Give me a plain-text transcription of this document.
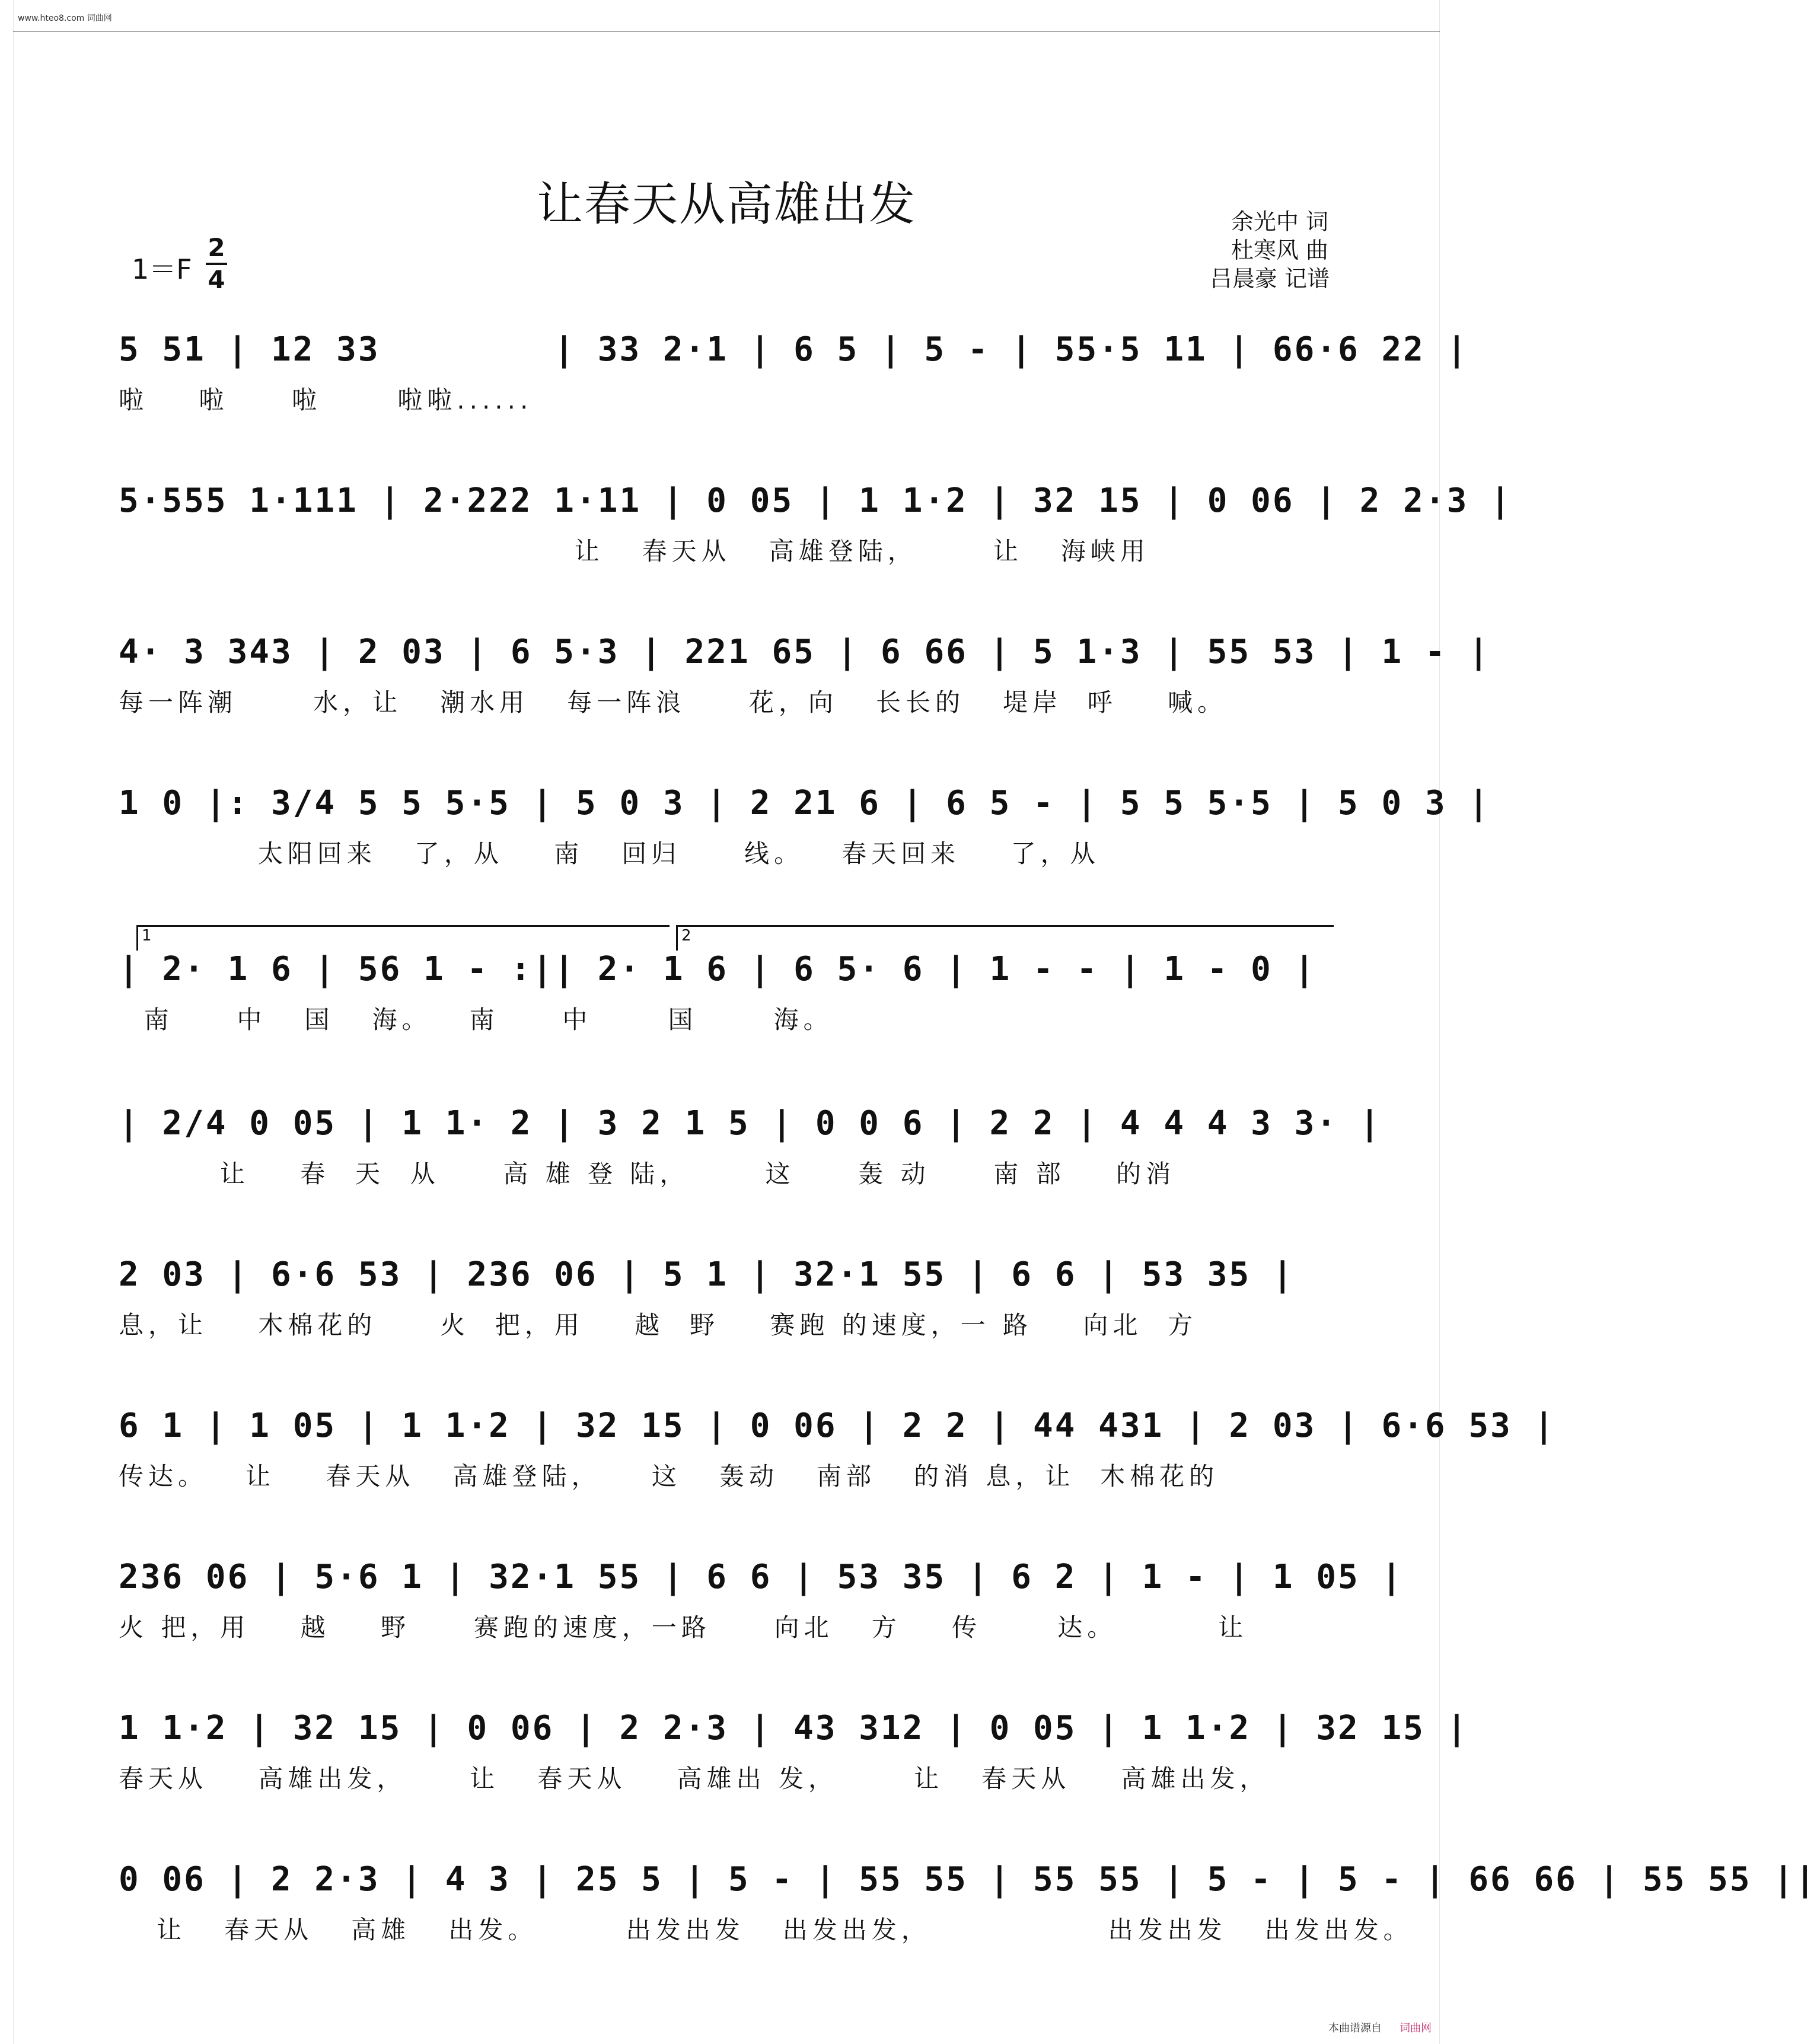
www.hteo8.com 词曲网
让春天从高雄出发
1＝F
2
4
余光中 词
杜寒风 曲
吕晨豪 记谱
5 51 | 12 33        | 33 2·1 | 6 5 | 5 - | 55·5 11 | 66·6 22 |
啦    啦     啦      啦啦......
5·555 1·111 | 2·222 1·11 | 0 05 | 1 1·2 | 32 15 | 0 06 | 2 2·3 |
让   春天从   高雄登陆，      让   海峡用
4· 3 343 | 2 03 | 6 5·3 | 221 65 | 6 66 | 5 1·3 | 55 53 | 1 - |
每一阵潮      水，让   潮水用   每一阵浪     花，向   长长的   堤岸  呼    喊。
1 0 |: 3/4 5 5 5·5 | 5 0 3 | 2 21 6 | 6 5 - | 5 5 5·5 | 5 0 3 |
太阳回来   了，从    南   回归     线。   春天回来    了，从
1	2
| 2· 1 6 | 56 1 - :|| 2· 1 6 | 6 5· 6 | 1 - - | 1 - 0 |
南     中   国   海。   南     中      国      海。
| 2/4 0 05 | 1 1· 2 | 3 2 1 5 | 0 0 6 | 2 2 | 4 4 4 3 3· |
让    春  天  从     高 雄 登 陆，      这     轰 动     南 部    的消
2 03 | 6·6 53 | 236 06 | 5 1 | 32·1 55 | 6 6 | 53 35 |
息，让    木棉花的     火  把，用    越  野    赛跑 的速度，一 路    向北  方
6 1 | 1 05 | 1 1·2 | 32 15 | 0 06 | 2 2 | 44 431 | 2 03 | 6·6 53 |
传达。   让    春天从   高雄登陆，    这   轰动   南部   的消 息，让  木棉花的
236 06 | 5·6 1 | 32·1 55 | 6 6 | 53 35 | 6 2 | 1 - | 1 05 |
火 把，用    越    野     赛跑的速度，一路     向北   方    传      达。        让
1 1·2 | 32 15 | 0 06 | 2 2·3 | 43 312 | 0 05 | 1 1·2 | 32 15 |
春天从    高雄出发，     让   春天从    高雄出 发，      让   春天从    高雄出发，
0 06 | 2 2·3 | 4 3 | 25 5 | 5 - | 55 55 | 55 55 | 5 - | 5 - | 66 66 | 55 55 ||
让   春天从   高雄   出发。       出发出发   出发出发，              出发出发   出发出发。
本曲谱源自 词曲网
